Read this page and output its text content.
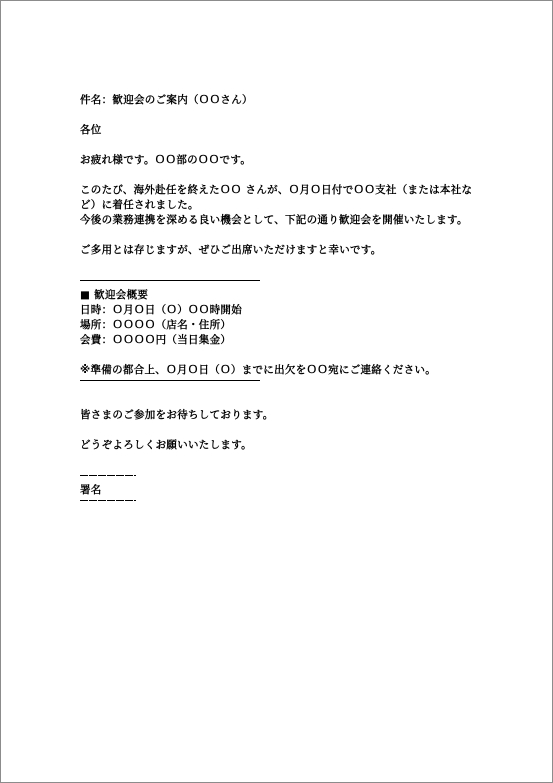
件名：歓迎会のご案内（ＯＯさん）
各位
お疲れ様です。ＯＯ部のＯＯです。
このたび、海外赴任を終えたＯＯ さんが、Ｏ月Ｏ日付でＯＯ支社（または本社な
ど）に着任されました。
今後の業務連携を深める良い機会として、下記の通り歓迎会を開催いたします。
ご多用とは存じますが、ぜひご出席いただけますと幸いです。
■ 歓迎会概要
日時：Ｏ月Ｏ日（Ｏ）ＯＯ時開始
場所：ＯＯＯＯ（店名・住所）
会費：ＯＯＯＯ円（当日集金）
※準備の都合上、Ｏ月Ｏ日（Ｏ）までに出欠をＯＯ宛にご連絡ください。
皆さまのご参加をお待ちしております。
どうぞよろしくお願いいたします。
署名
